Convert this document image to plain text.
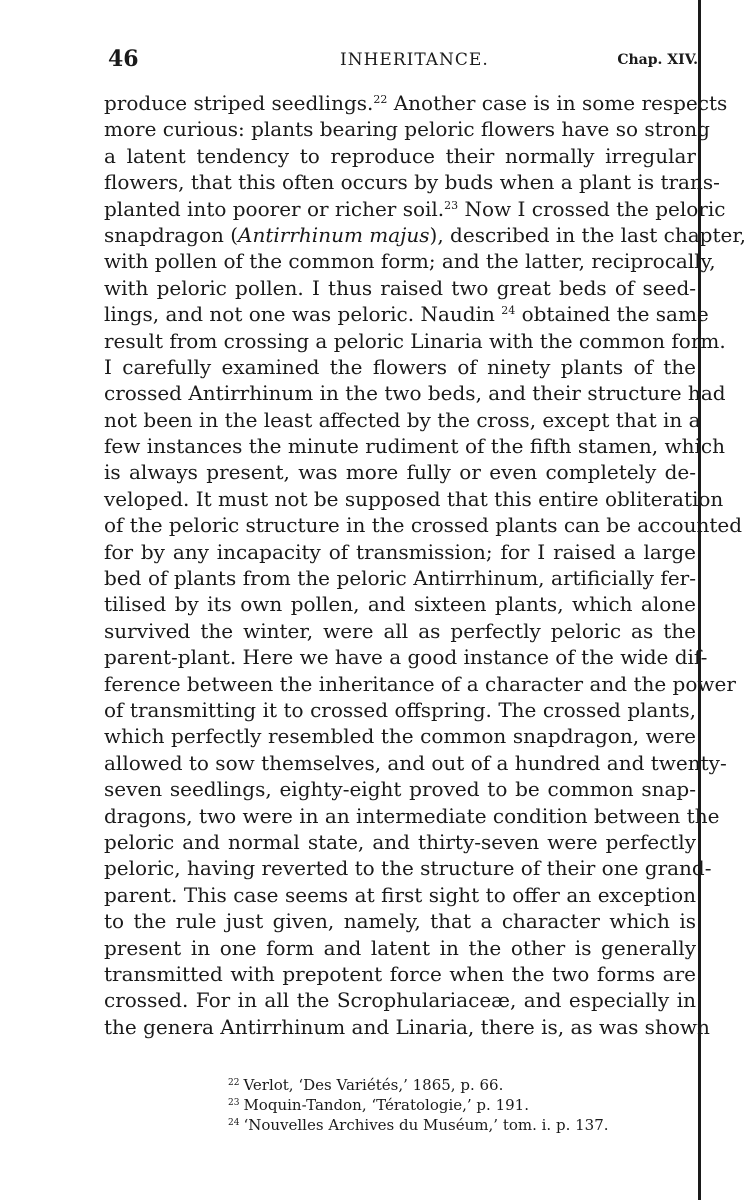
46	INHERITANCE.	Chap. XIV.
produce striped seedlings.$^{22}$ Another case is in some respects
more curious: plants bearing peloric flowers have so strong
a latent tendency to reproduce their normally irregular
flowers, that this often occurs by buds when a plant is trans-
planted into poorer or richer soil.$^{23}$ Now I crossed the peloric
snapdragon (Antirrhinum majus), described in the last chapter,
with pollen of the common form; and the latter, reciprocally,
with peloric pollen. I thus raised two great beds of seed-
lings, and not one was peloric. Naudin $^{24}$ obtained the same
result from crossing a peloric Linaria with the common form.
I carefully examined the flowers of ninety plants of the
crossed Antirrhinum in the two beds, and their structure had
not been in the least affected by the cross, except that in a
few instances the minute rudiment of the fifth stamen, which
is always present, was more fully or even completely de-
veloped. It must not be supposed that this entire obliteration
of the peloric structure in the crossed plants can be accounted
for by any incapacity of transmission; for I raised a large
bed of plants from the peloric Antirrhinum, artificially fer-
tilised by its own pollen, and sixteen plants, which alone
survived the winter, were all as perfectly peloric as the
parent-plant. Here we have a good instance of the wide dif-
ference between the inheritance of a character and the power
of transmitting it to crossed offspring. The crossed plants,
which perfectly resembled the common snapdragon, were
allowed to sow themselves, and out of a hundred and twenty-
seven seedlings, eighty-eight proved to be common snap-
dragons, two were in an intermediate condition between the
peloric and normal state, and thirty-seven were perfectly
peloric, having reverted to the structure of their one grand-
parent. This case seems at first sight to offer an exception
to the rule just given, namely, that a character which is
present in one form and latent in the other is generally
transmitted with prepotent force when the two forms are
crossed. For in all the Scrophulariaceæ, and especially in
the genera Antirrhinum and Linaria, there is, as was shown
$^{22}$ Verlot, ‘Des Variétés,’ 1865, p. 66.
$^{23}$ Moquin-Tandon, ‘Tératologie,’ p. 191.
$^{24}$ ‘Nouvelles Archives du Muséum,’ tom. i. p. 137.
